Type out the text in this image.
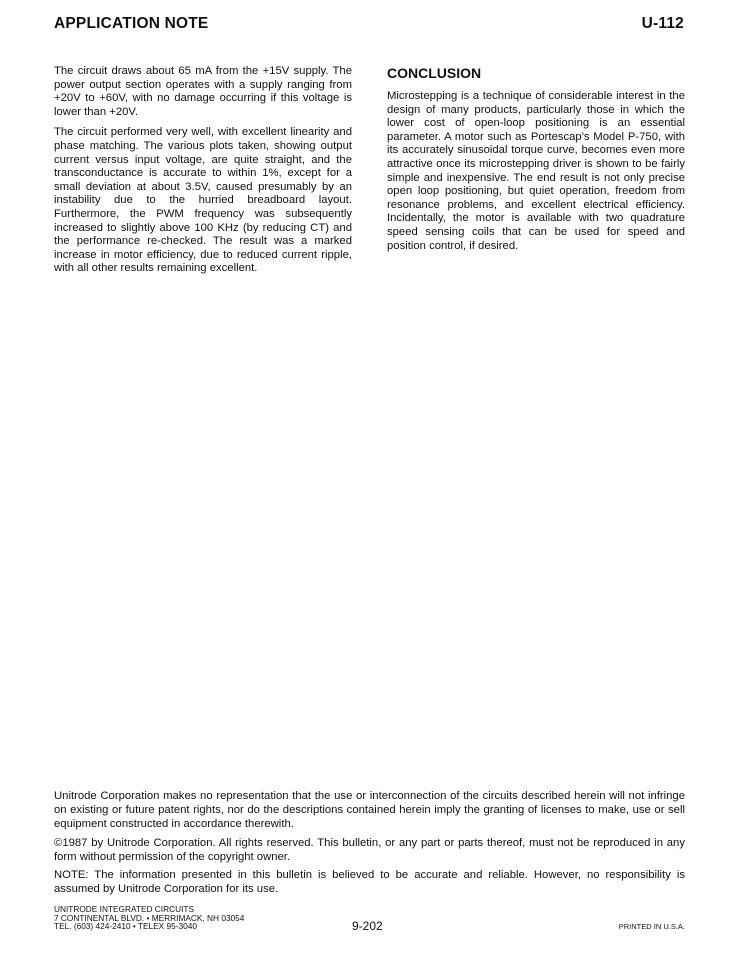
APPLICATION NOTE	U-112

The circuit draws about 65 mA from the +15V supply. The power output section operates with a supply ranging from +20V to +60V, with no damage occurring if this voltage is lower than +20V.

The circuit performed very well, with excellent linearity and phase matching. The various plots taken, showing output current versus input voltage, are quite straight, and the transconductance is accurate to within 1%, except for a small deviation at about 3.5V, caused presumably by an instability due to the hurried breadboard layout. Furthermore, the PWM frequency was subsequently increased to slightly above 100 KHz (by reducing CT) and the performance re-checked. The result was a marked increase in motor efficiency, due to reduced current ripple, with all other results remaining excellent.

CONCLUSION

Microstepping is a technique of considerable interest in the design of many products, particularly those in which the lower cost of open-loop positioning is an essential parameter. A motor such as Portescap's Model P-750, with its accurately sinusoidal torque curve, becomes even more attractive once its microstepping driver is shown to be fairly simple and inexpensive. The end result is not only precise open loop positioning, but quiet operation, freedom from resonance problems, and excellent electrical efficiency. Incidentally, the motor is available with two quadrature speed sensing coils that can be used for speed and position control, if desired.

Unitrode Corporation makes no representation that the use or interconnection of the circuits described herein will not infringe on existing or future patent rights, nor do the descriptions contained herein imply the granting of licenses to make, use or sell equipment constructed in accordance therewith.

©1987 by Unitrode Corporation. All rights reserved. This bulletin, or any part or parts thereof, must not be reproduced in any form without permission of the copyright owner.

NOTE: The information presented in this bulletin is believed to be accurate and reliable. However, no responsibility is assumed by Unitrode Corporation for its use.

UNITRODE INTEGRATED CIRCUITS
7 CONTINENTAL BLVD. • MERRIMACK, NH 03054
TEL. (603) 424-2410 • TELEX 95-3040	9-202	PRINTED IN U.S.A.
